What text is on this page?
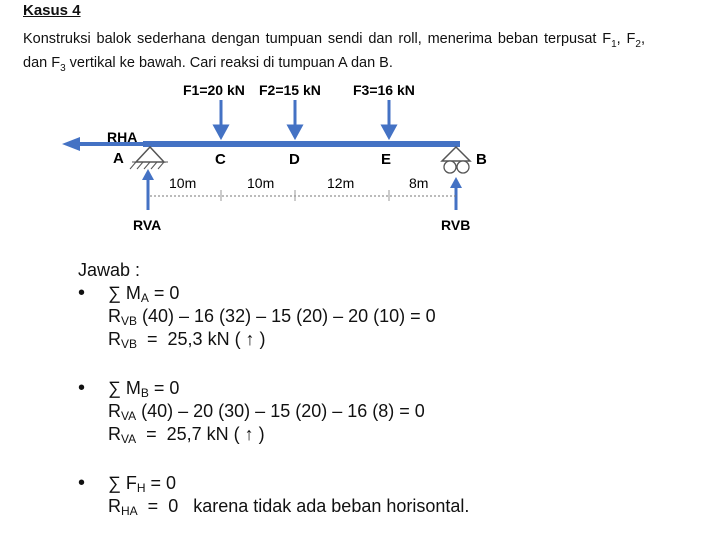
Kasus 4
Konstruksi balok sederhana dengan tumpuan sendi dan roll, menerima beban terpusat $F_1$, $F_2$, dan $F_3$ vertikal ke bawah. Cari reaksi di tumpuan A dan B.
F1=20 kN F2=15 kN F3=16 kN
RHA
A	C	D	E	B
10m	10m	12m	8m
RVA	RVB
Jawab :
• ∑ MA = 0
RVB (40) – 16 (32) – 15 (20) – 20 (10) = 0
RVB  =  25,3 kN ( ↑ )
• ∑ MB = 0
RVA (40) – 20 (30) – 15 (20) – 16 (8) = 0
RVA  =  25,7 kN ( ↑ )
• ∑ FH = 0
RHA  =  0   karena tidak ada beban horisontal.
